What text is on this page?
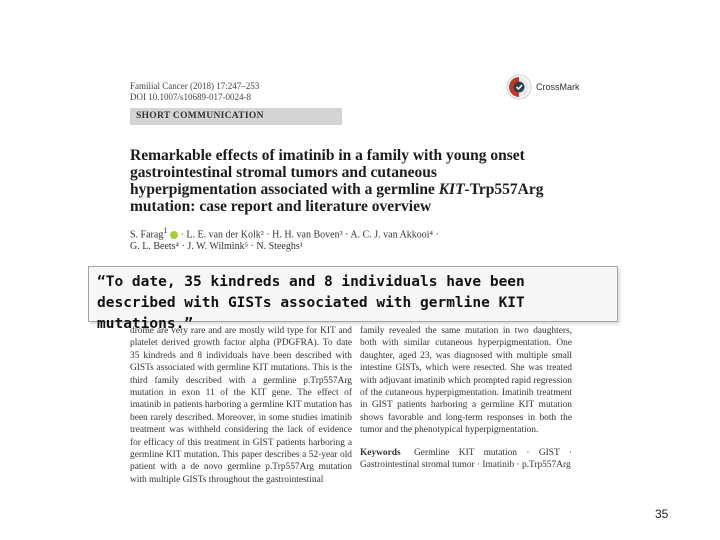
Familial Cancer (2018) 17:247–253
DOI 10.1007/s10689-017-0024-8
CrossMark
SHORT COMMUNICATION
Remarkable effects of imatinib in a family with young onset gastrointestinal stromal tumors and cutaneous hyperpigmentation associated with a germline KIT-Trp557Arg mutation: case report and literature overview
S. Farag$^1$  · L. E. van der Kolk² · H. H. van Boven³ · A. C. J. van Akkooi⁴ ·
G. L. Beets⁴ · J. W. Wilmink⁵ · N. Steeghs¹
drome are very rare and are mostly wild type for KIT and platelet derived growth factor alpha (PDGFRA). To date 35 kindreds and 8 individuals have been described with GISTs associated with germline KIT mutations. This is the third family described with a germline p.Trp557Arg mutation in exon 11 of the KIT gene. The effect of imatinib in patients harboring a germline KIT mutation has been rarely described. Moreover, in some studies imatinib treatment was withheld considering the lack of evidence for efficacy of this treatment in GIST patients harboring a germline KIT mutation. This paper describes a 52-year old patient with a de novo germline p.Trp557Arg mutation with multiple GISTs throughout the gastrointestinal
family revealed the same mutation in two daughters, both with similar cutaneous hyperpigmentation. One daughter, aged 23, was diagnosed with multiple small intestine GISTs, which were resected. She was treated with adjuvant imatinib which prompted rapid regression of the cutaneous hyperpigmentation. Imatinib treatment in GIST patients harboring a germline KIT mutation shows favorable and long-term responses in both the tumor and the phenotypical hyperpigmentation.
Keywords Germline KIT mutation · GIST · Gastrointestinal stromal tumor · Imatinib · p.Trp557Arg
“To date, 35 kindreds and 8 individuals have been described with GISTs associated with germline KIT mutations.”
35
